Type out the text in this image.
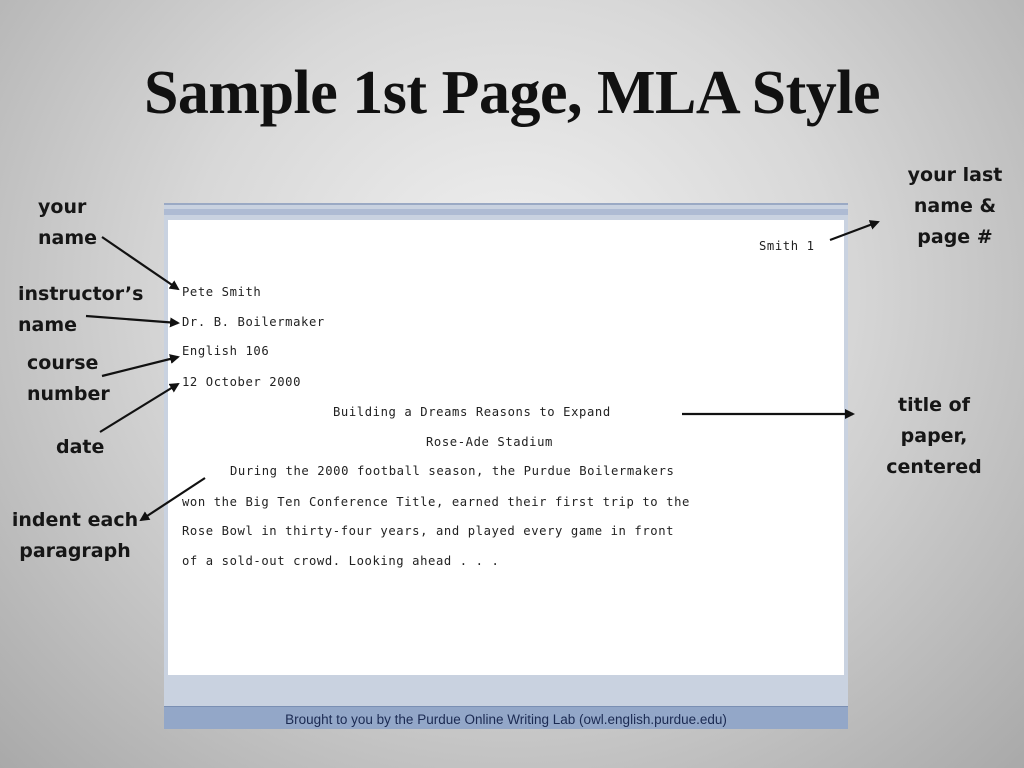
Sample 1st Page, MLA Style
Brought to you by the Purdue Online Writing Lab (owl.english.purdue.edu)
Smith 1
Pete Smith
Dr. B. Boilermaker
English 106
12 October 2000
Building a Dreams Reasons to Expand
Rose-Ade Stadium
During the 2000 football season, the Purdue Boilermakers
won the Big Ten Conference Title, earned their first trip to the
Rose Bowl in thirty-four years, and played every game in front
of a sold-out crowd. Looking ahead . . .
your
name
instructor’s
name
course
number
date
indent each
paragraph
your last
name &
page #
title of
paper,
centered
